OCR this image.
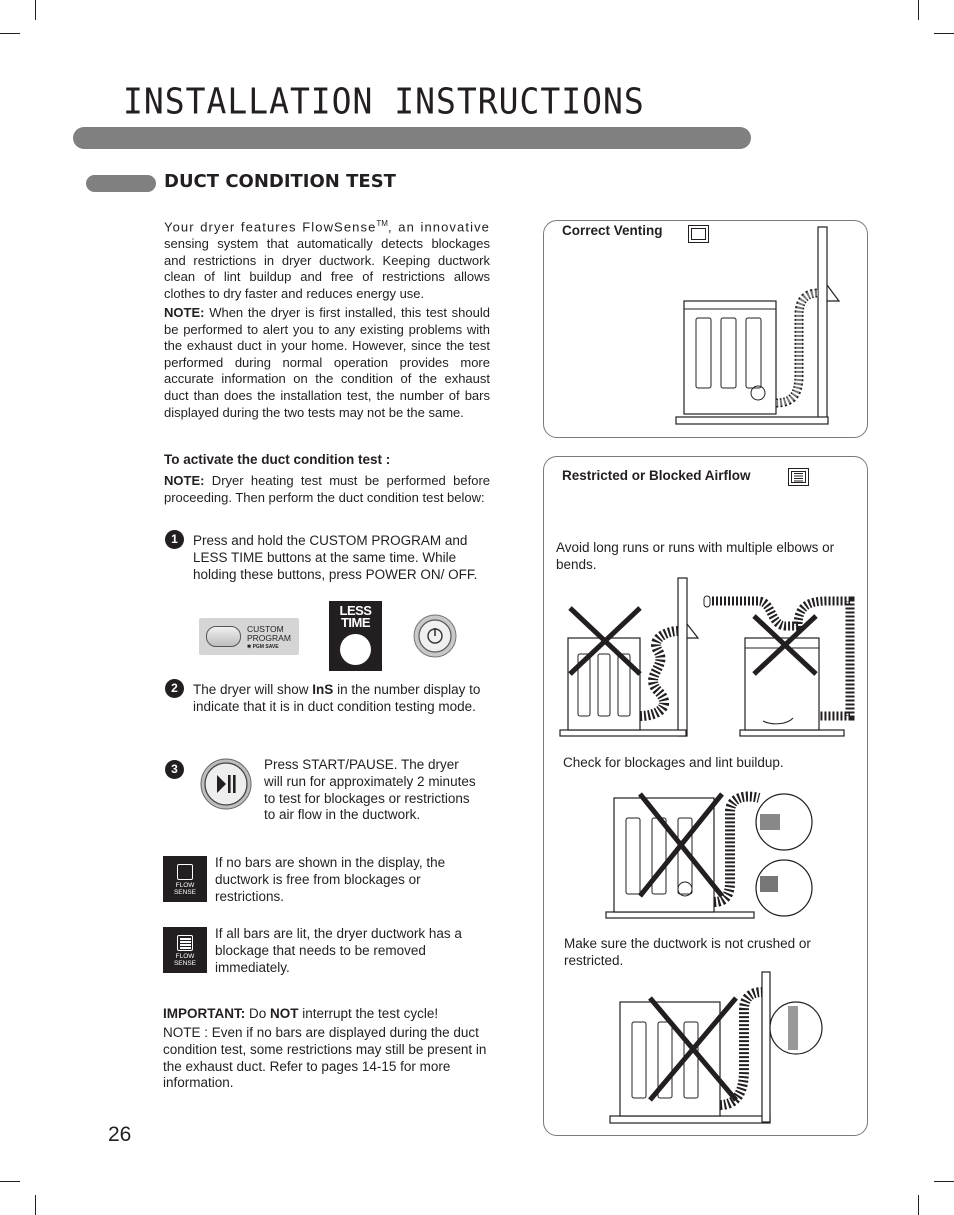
INSTALLATION INSTRUCTIONS
DUCT CONDITION TEST
Your dryer features FlowSense™, an innovative sensing system that automatically detects blockages and restrictions in dryer ductwork. Keeping ductwork clean of lint buildup and free of restrictions allows clothes to dry faster and reduces energy use.
NOTE: When the dryer is first installed, this test should be performed to alert you to any existing problems with the exhaust duct in your home. However, since the test performed during normal operation provides more accurate information on the condition of the exhaust duct than does the installation test, the number of bars displayed during the two tests may not be the same.
To activate the duct condition test :
NOTE: Dryer heating test must be performed before proceeding. Then perform the duct condition test below:
1	Press and hold the CUSTOM PROGRAM and LESS TIME buttons at the same time. While holding these buttons, press POWER ON/ OFF.
CUSTOM
PROGRAM
✱ PGM SAVE
LESS
TIME
2	The dryer will show InS in the number display to indicate that it is in duct condition testing mode.
3	Press START/PAUSE. The dryer will run for approximately 2 minutes to test for blockages or restrictions to air flow in the ductwork.
FLOW
SENSE
If no bars are shown in the display, the ductwork is free from blockages or restrictions.
FLOW
SENSE
If all bars are lit, the dryer ductwork has a blockage that needs to be removed immediately.
IMPORTANT: Do NOT interrupt the test cycle!
NOTE : Even if no bars are displayed during the duct condition test, some restrictions may still be present in the exhaust duct. Refer to pages 14-15 for more information.
26
Correct Venting
Restricted or Blocked Airflow
Avoid long runs or runs with multiple elbows or bends.
Check for blockages and lint buildup.
Make sure the ductwork is not crushed or restricted.
